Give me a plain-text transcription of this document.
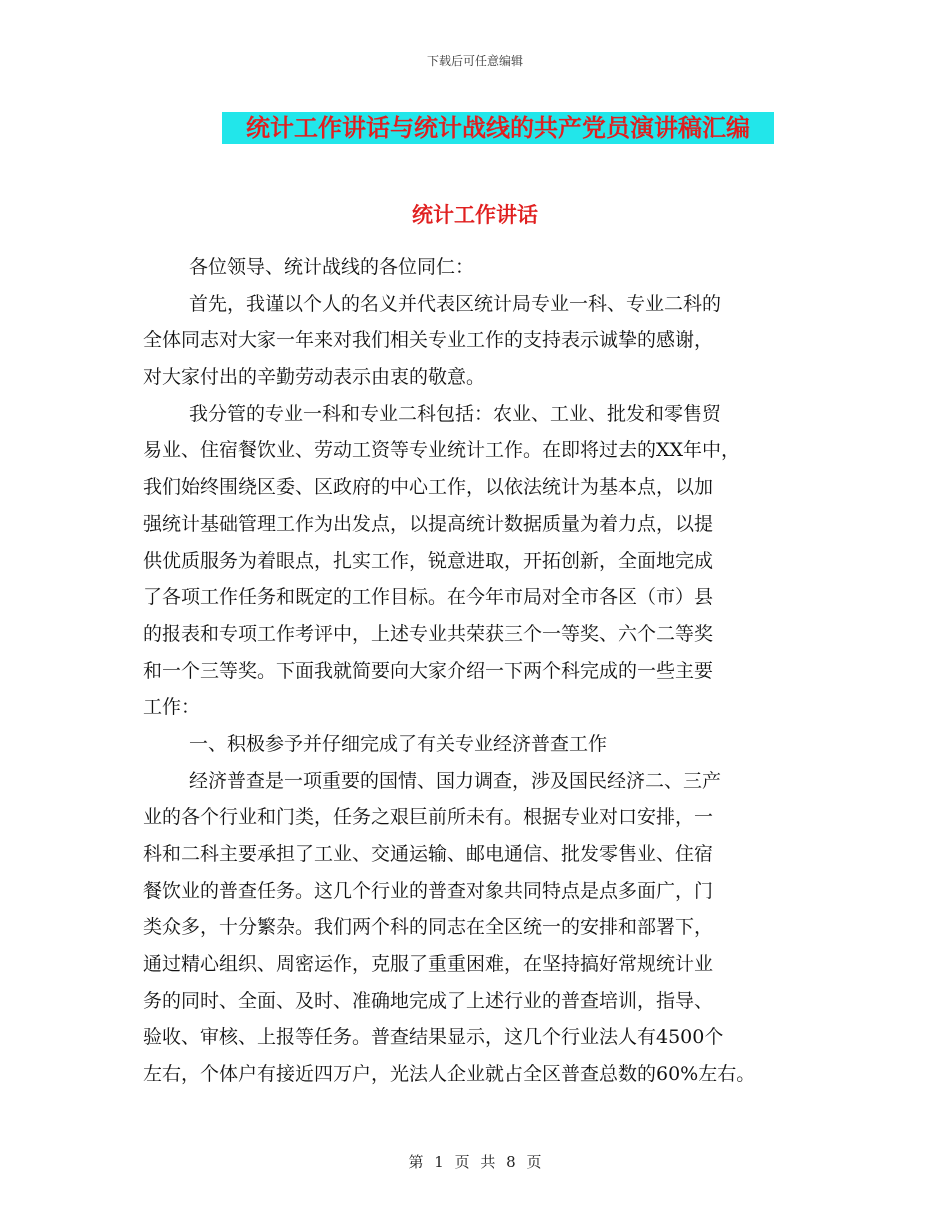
下载后可任意编辑
统计工作讲话与统计战线的共产党员演讲稿汇编
统计工作讲话
各位领导、统计战线的各位同仁：
首先，我谨以个人的名义并代表区统计局专业一科、专业二科的
全体同志对大家一年来对我们相关专业工作的支持表示诚挚的感谢，
对大家付出的辛勤劳动表示由衷的敬意。
我分管的专业一科和专业二科包括：农业、工业、批发和零售贸
易业、住宿餐饮业、劳动工资等专业统计工作。在即将过去的XX年中，
我们始终围绕区委、区政府的中心工作，以依法统计为基本点，以加
强统计基础管理工作为出发点，以提高统计数据质量为着力点，以提
供优质服务为着眼点，扎实工作，锐意进取，开拓创新，全面地完成
了各项工作任务和既定的工作目标。在今年市局对全市各区（市）县
的报表和专项工作考评中，上述专业共荣获三个一等奖、六个二等奖
和一个三等奖。下面我就简要向大家介绍一下两个科完成的一些主要
工作：
一、积极参予并仔细完成了有关专业经济普查工作
经济普查是一项重要的国情、国力调查，涉及国民经济二、三产
业的各个行业和门类，任务之艰巨前所未有。根据专业对口安排，一
科和二科主要承担了工业、交通运输、邮电通信、批发零售业、住宿
餐饮业的普查任务。这几个行业的普查对象共同特点是点多面广，门
类众多，十分繁杂。我们两个科的同志在全区统一的安排和部署下，
通过精心组织、周密运作，克服了重重困难，在坚持搞好常规统计业
务的同时、全面、及时、准确地完成了上述行业的普查培训，指导、
验收、审核、上报等任务。普查结果显示，这几个行业法人有4500个
左右，个体户有接近四万户，光法人企业就占全区普查总数的60%左右。
第 1 页 共 8 页
